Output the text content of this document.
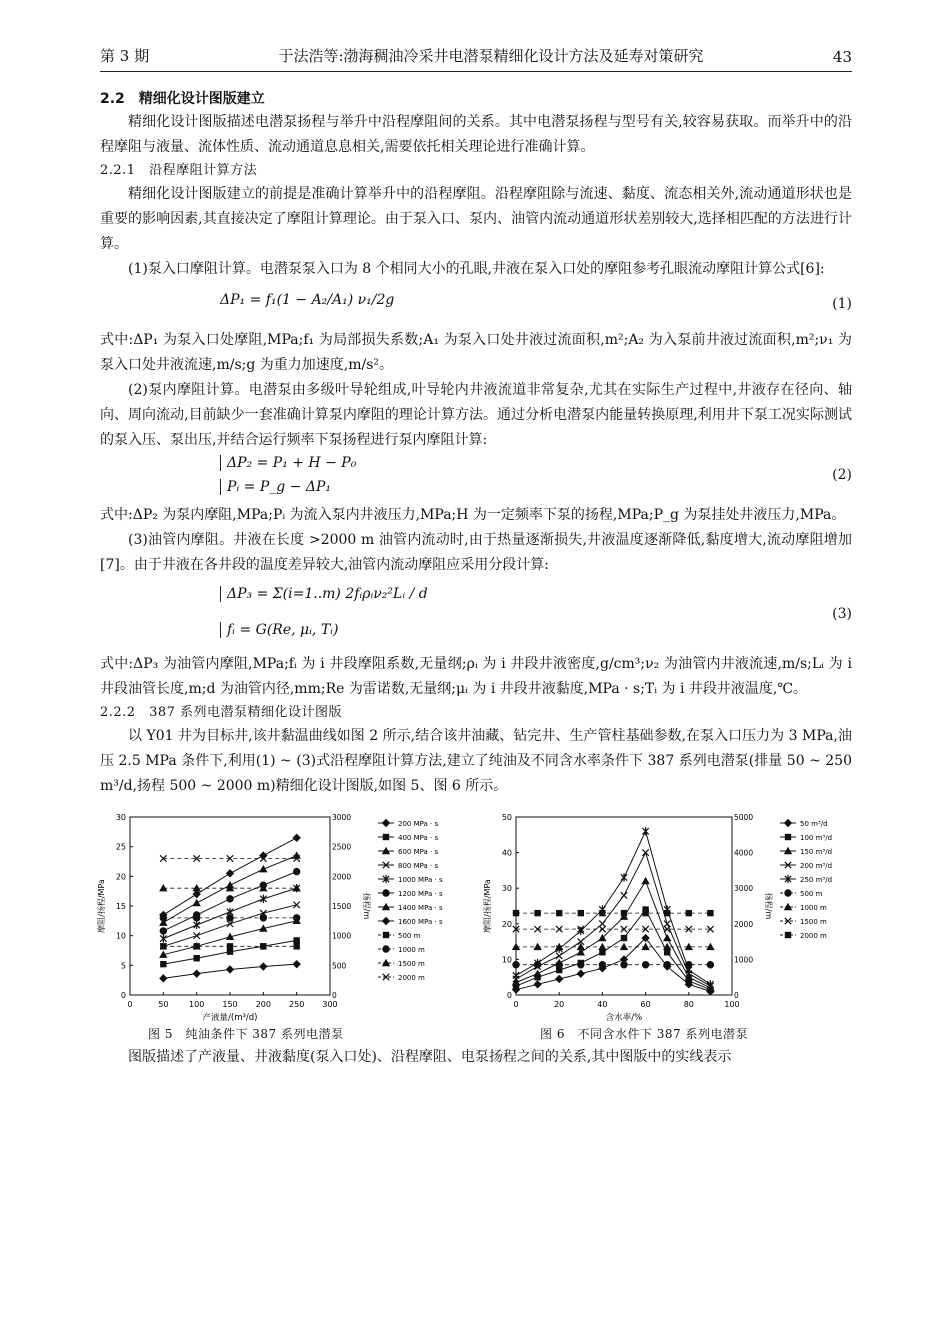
第 3 期	于法浩等:渤海稠油冷采井电潜泵精细化设计方法及延寿对策研究	43
2.2　精细化设计图版建立

精细化设计图版描述电潜泵扬程与举升中沿程摩阻间的关系。其中电潜泵扬程与型号有关,较容易获取。而举升中的沿程摩阻与液量、流体性质、流动通道息息相关,需要依托相关理论进行准确计算。

2.2.1　沿程摩阻计算方法

精细化设计图版建立的前提是准确计算举升中的沿程摩阻。沿程摩阻除与流速、黏度、流态相关外,流动通道形状也是重要的影响因素,其直接决定了摩阻计算理论。由于泵入口、泵内、油管内流动通道形状差别较大,选择相匹配的方法进行计算。

(1)泵入口摩阻计算。电潜泵泵入口为 8 个相同大小的孔眼,井液在泵入口处的摩阻参考孔眼流动摩阻计算公式[6]:

ΔP₁ = f₁(1 − A₂/A₁) ν₁/2g	(1)

式中:ΔP₁ 为泵入口处摩阻,MPa;f₁ 为局部损失系数;A₁ 为泵入口处井液过流面积,m²;A₂ 为入泵前井液过流面积,m²;ν₁ 为泵入口处井液流速,m/s;g 为重力加速度,m/s²。

(2)泵内摩阻计算。电潜泵由多级叶导轮组成,叶导轮内井液流道非常复杂,尤其在实际生产过程中,井液存在径向、轴向、周向流动,目前缺少一套准确计算泵内摩阻的理论计算方法。通过分析电潜泵内能量转换原理,利用井下泵工况实际测试的泵入压、泵出压,并结合运行频率下泵扬程进行泵内摩阻计算:

ΔP₂ = P₁ + H − P₀
Pᵢ = P_g − ΔP₁
(2)

式中:ΔP₂ 为泵内摩阻,MPa;Pᵢ 为流入泵内井液压力,MPa;H 为一定频率下泵的扬程,MPa;P_g 为泵挂处井液压力,MPa。

(3)油管内摩阻。井液在长度 >2000 m 油管内流动时,由于热量逐渐损失,井液温度逐渐降低,黏度增大,流动摩阻增加[7]。由于井液在各井段的温度差异较大,油管内流动摩阻应采用分段计算:

ΔP₃ = Σ(i=1..m) 2fᵢρᵢν₂²Lᵢ / d
fᵢ = G(Re, μᵢ, Tᵢ)
(3)

式中:ΔP₃ 为油管内摩阻,MPa;fᵢ 为 i 井段摩阻系数,无量纲;ρᵢ 为 i 井段井液密度,g/cm³;ν₂ 为油管内井液流速,m/s;Lᵢ 为 i 井段油管长度,m;d 为油管内径,mm;Re 为雷诺数,无量纲;μᵢ 为 i 井段井液黏度,MPa · s;Tᵢ 为 i 井段井液温度,℃。

2.2.2　387 系列电潜泵精细化设计图版

以 Y01 井为目标井,该井黏温曲线如图 2 所示,结合该井油藏、钻完井、生产管柱基础参数,在泵入口压力为 3 MPa,油压 2.5 MPa 条件下,利用(1) ~ (3)式沿程摩阻计算方法,建立了纯油及不同含水率条件下 387 系列电潜泵(排量 50 ~ 250 m³/d,扬程 500 ~ 2000 m)精细化设计图版,如图 5、图 6 所示。

0	50	100 150 200 250 300
0
5
10
15
20
25
30
0
500
1000
1500
2000
2500
3000
产液量/(m³/d)
摩阻/扬程/MPa	扬程/m
200 MPa · s
400 MPa · s
600 MPa · s
800 MPa · s
1000 MPa · s
1200 MPa · s
1400 MPa · s
1600 MPa · s
500 m
1000 m
1500 m
2000 m
0	20	40	60	80	100
0
10
20
30
40
50
0
1000
2000
3000
4000
5000
含水率/%
摩阻/扬程/MPa	扬程/m
50 m³/d
100 m³/d
150 m³/d
200 m³/d
250 m³/d
500 m
1000 m
1500 m
2000 m
图 5　纯油条件下 387 系列电潜泵	图 6　不同含水件下 387 系列电潜泵

图版描述了产液量、井液黏度(泵入口处)、沿程摩阻、电泵扬程之间的关系,其中图版中的实线表示
